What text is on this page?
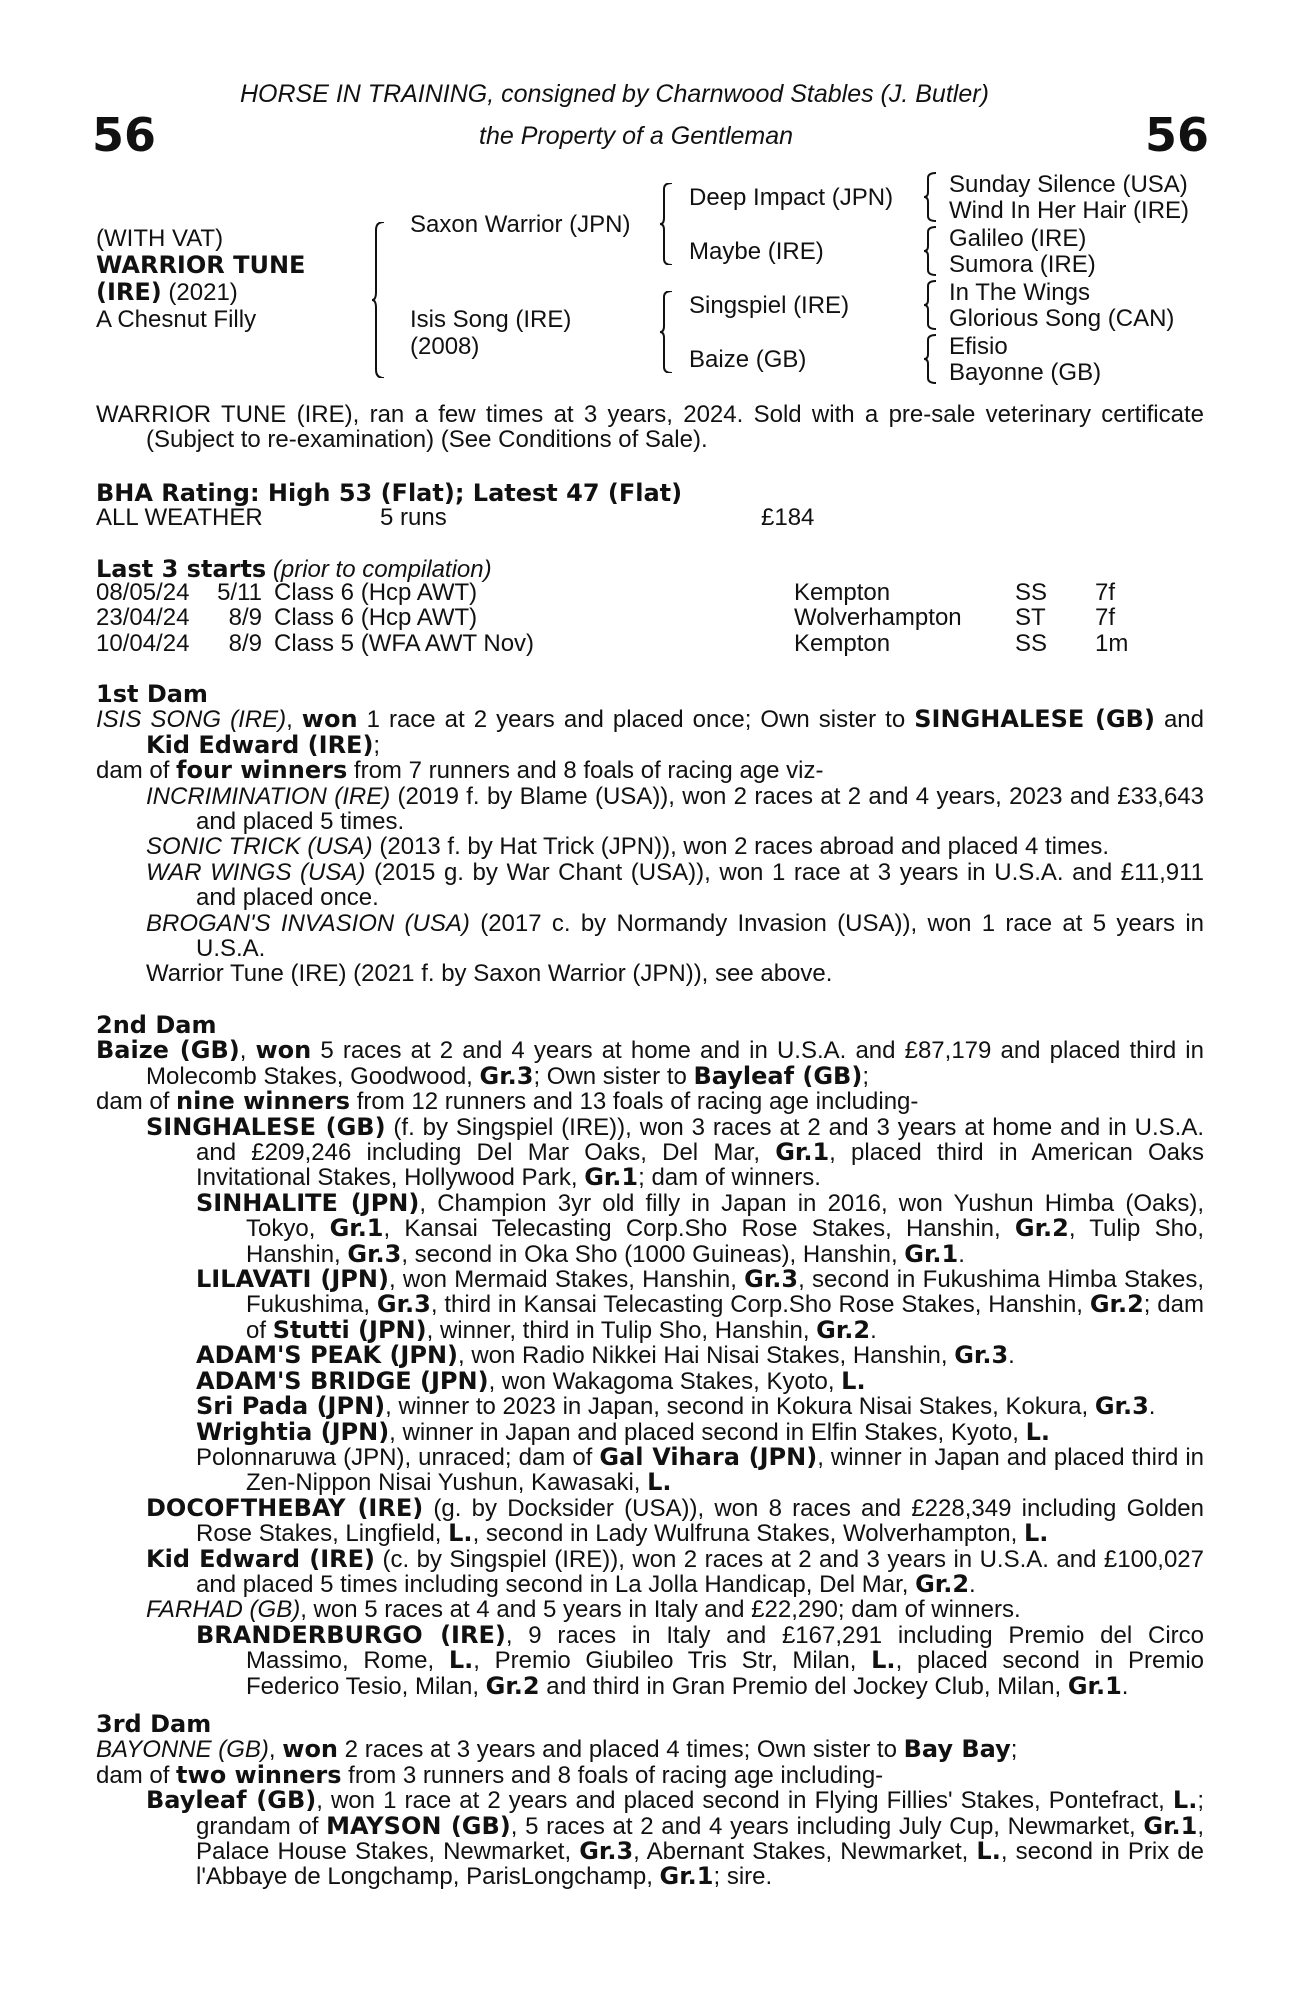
HORSE IN TRAINING, consigned by Charnwood Stables (J. Butler)
the Property of a Gentleman
56	56
(WITH VAT)
WARRIOR TUNE
(IRE) (2021)
A Chesnut Filly
Saxon Warrior (JPN)
Isis Song (IRE)
(2008)
Deep Impact (JPN)
Maybe (IRE)
Singspiel (IRE)
Baize (GB)
Sunday Silence (USA)
Wind In Her Hair (IRE)
Galileo (IRE)
Sumora (IRE)
In The Wings
Glorious Song (CAN)
Efisio
Bayonne (GB)

WARRIOR TUNE (IRE), ran a few times at 3 years, 2024. Sold with a pre-sale veterinary certificate (Subject to re-examination) (See Conditions of Sale).

BHA Rating: High 53 (Flat); Latest 47 (Flat)
ALL WEATHER	5 runs	£184
Last 3 starts (prior to compilation)
08/05/24	5/11	Class 6 (Hcp AWT)	Kempton	SS	7f
23/04/24	8/9	Class 6 (Hcp AWT)	Wolverhampton	ST	7f
10/04/24	8/9	Class 5 (WFA AWT Nov)	Kempton	SS	1m

1st Dam

ISIS SONG (IRE), won 1 race at 2 years and placed once; Own sister to SINGHALESE (GB) and Kid Edward (IRE);

dam of four winners from 7 runners and 8 foals of racing age viz-

INCRIMINATION (IRE) (2019 f. by Blame (USA)), won 2 races at 2 and 4 years, 2023 and £33,643 and placed 5 times.

SONIC TRICK (USA) (2013 f. by Hat Trick (JPN)), won 2 races abroad and placed 4 times.

WAR WINGS (USA) (2015 g. by War Chant (USA)), won 1 race at 3 years in U.S.A. and £11,911 and placed once.

BROGAN'S INVASION (USA) (2017 c. by Normandy Invasion (USA)), won 1 race at 5 years in U.S.A.

Warrior Tune (IRE) (2021 f. by Saxon Warrior (JPN)), see above.

2nd Dam

Baize (GB), won 5 races at 2 and 4 years at home and in U.S.A. and £87,179 and placed third in Molecomb Stakes, Goodwood, Gr.3; Own sister to Bayleaf (GB);

dam of nine winners from 12 runners and 13 foals of racing age including-

SINGHALESE (GB) (f. by Singspiel (IRE)), won 3 races at 2 and 3 years at home and in U.S.A. and £209,246 including Del Mar Oaks, Del Mar, Gr.1, placed third in American Oaks Invitational Stakes, Hollywood Park, Gr.1; dam of winners.

SINHALITE (JPN), Champion 3yr old filly in Japan in 2016, won Yushun Himba (Oaks), Tokyo, Gr.1, Kansai Telecasting Corp.Sho Rose Stakes, Hanshin, Gr.2, Tulip Sho, Hanshin, Gr.3, second in Oka Sho (1000 Guineas), Hanshin, Gr.1.

LILAVATI (JPN), won Mermaid Stakes, Hanshin, Gr.3, second in Fukushima Himba Stakes, Fukushima, Gr.3, third in Kansai Telecasting Corp.Sho Rose Stakes, Hanshin, Gr.2; dam of Stutti (JPN), winner, third in Tulip Sho, Hanshin, Gr.2.

ADAM'S PEAK (JPN), won Radio Nikkei Hai Nisai Stakes, Hanshin, Gr.3.

ADAM'S BRIDGE (JPN), won Wakagoma Stakes, Kyoto, L.

Sri Pada (JPN), winner to 2023 in Japan, second in Kokura Nisai Stakes, Kokura, Gr.3.

Wrightia (JPN), winner in Japan and placed second in Elfin Stakes, Kyoto, L.

Polonnaruwa (JPN), unraced; dam of Gal Vihara (JPN), winner in Japan and placed third in Zen-Nippon Nisai Yushun, Kawasaki, L.

DOCOFTHEBAY (IRE) (g. by Docksider (USA)), won 8 races and £228,349 including Golden Rose Stakes, Lingfield, L., second in Lady Wulfruna Stakes, Wolverhampton, L.

Kid Edward (IRE) (c. by Singspiel (IRE)), won 2 races at 2 and 3 years in U.S.A. and £100,027 and placed 5 times including second in La Jolla Handicap, Del Mar, Gr.2.

FARHAD (GB), won 5 races at 4 and 5 years in Italy and £22,290; dam of winners.

BRANDERBURGO (IRE), 9 races in Italy and £167,291 including Premio del Circo Massimo, Rome, L., Premio Giubileo Tris Str, Milan, L., placed second in Premio Federico Tesio, Milan, Gr.2 and third in Gran Premio del Jockey Club, Milan, Gr.1.

3rd Dam

BAYONNE (GB), won 2 races at 3 years and placed 4 times; Own sister to Bay Bay;

dam of two winners from 3 runners and 8 foals of racing age including-

Bayleaf (GB), won 1 race at 2 years and placed second in Flying Fillies' Stakes, Pontefract, L.; grandam of MAYSON (GB), 5 races at 2 and 4 years including July Cup, Newmarket, Gr.1, Palace House Stakes, Newmarket, Gr.3, Abernant Stakes, Newmarket, L., second in Prix de l'Abbaye de Longchamp, ParisLongchamp, Gr.1; sire.
